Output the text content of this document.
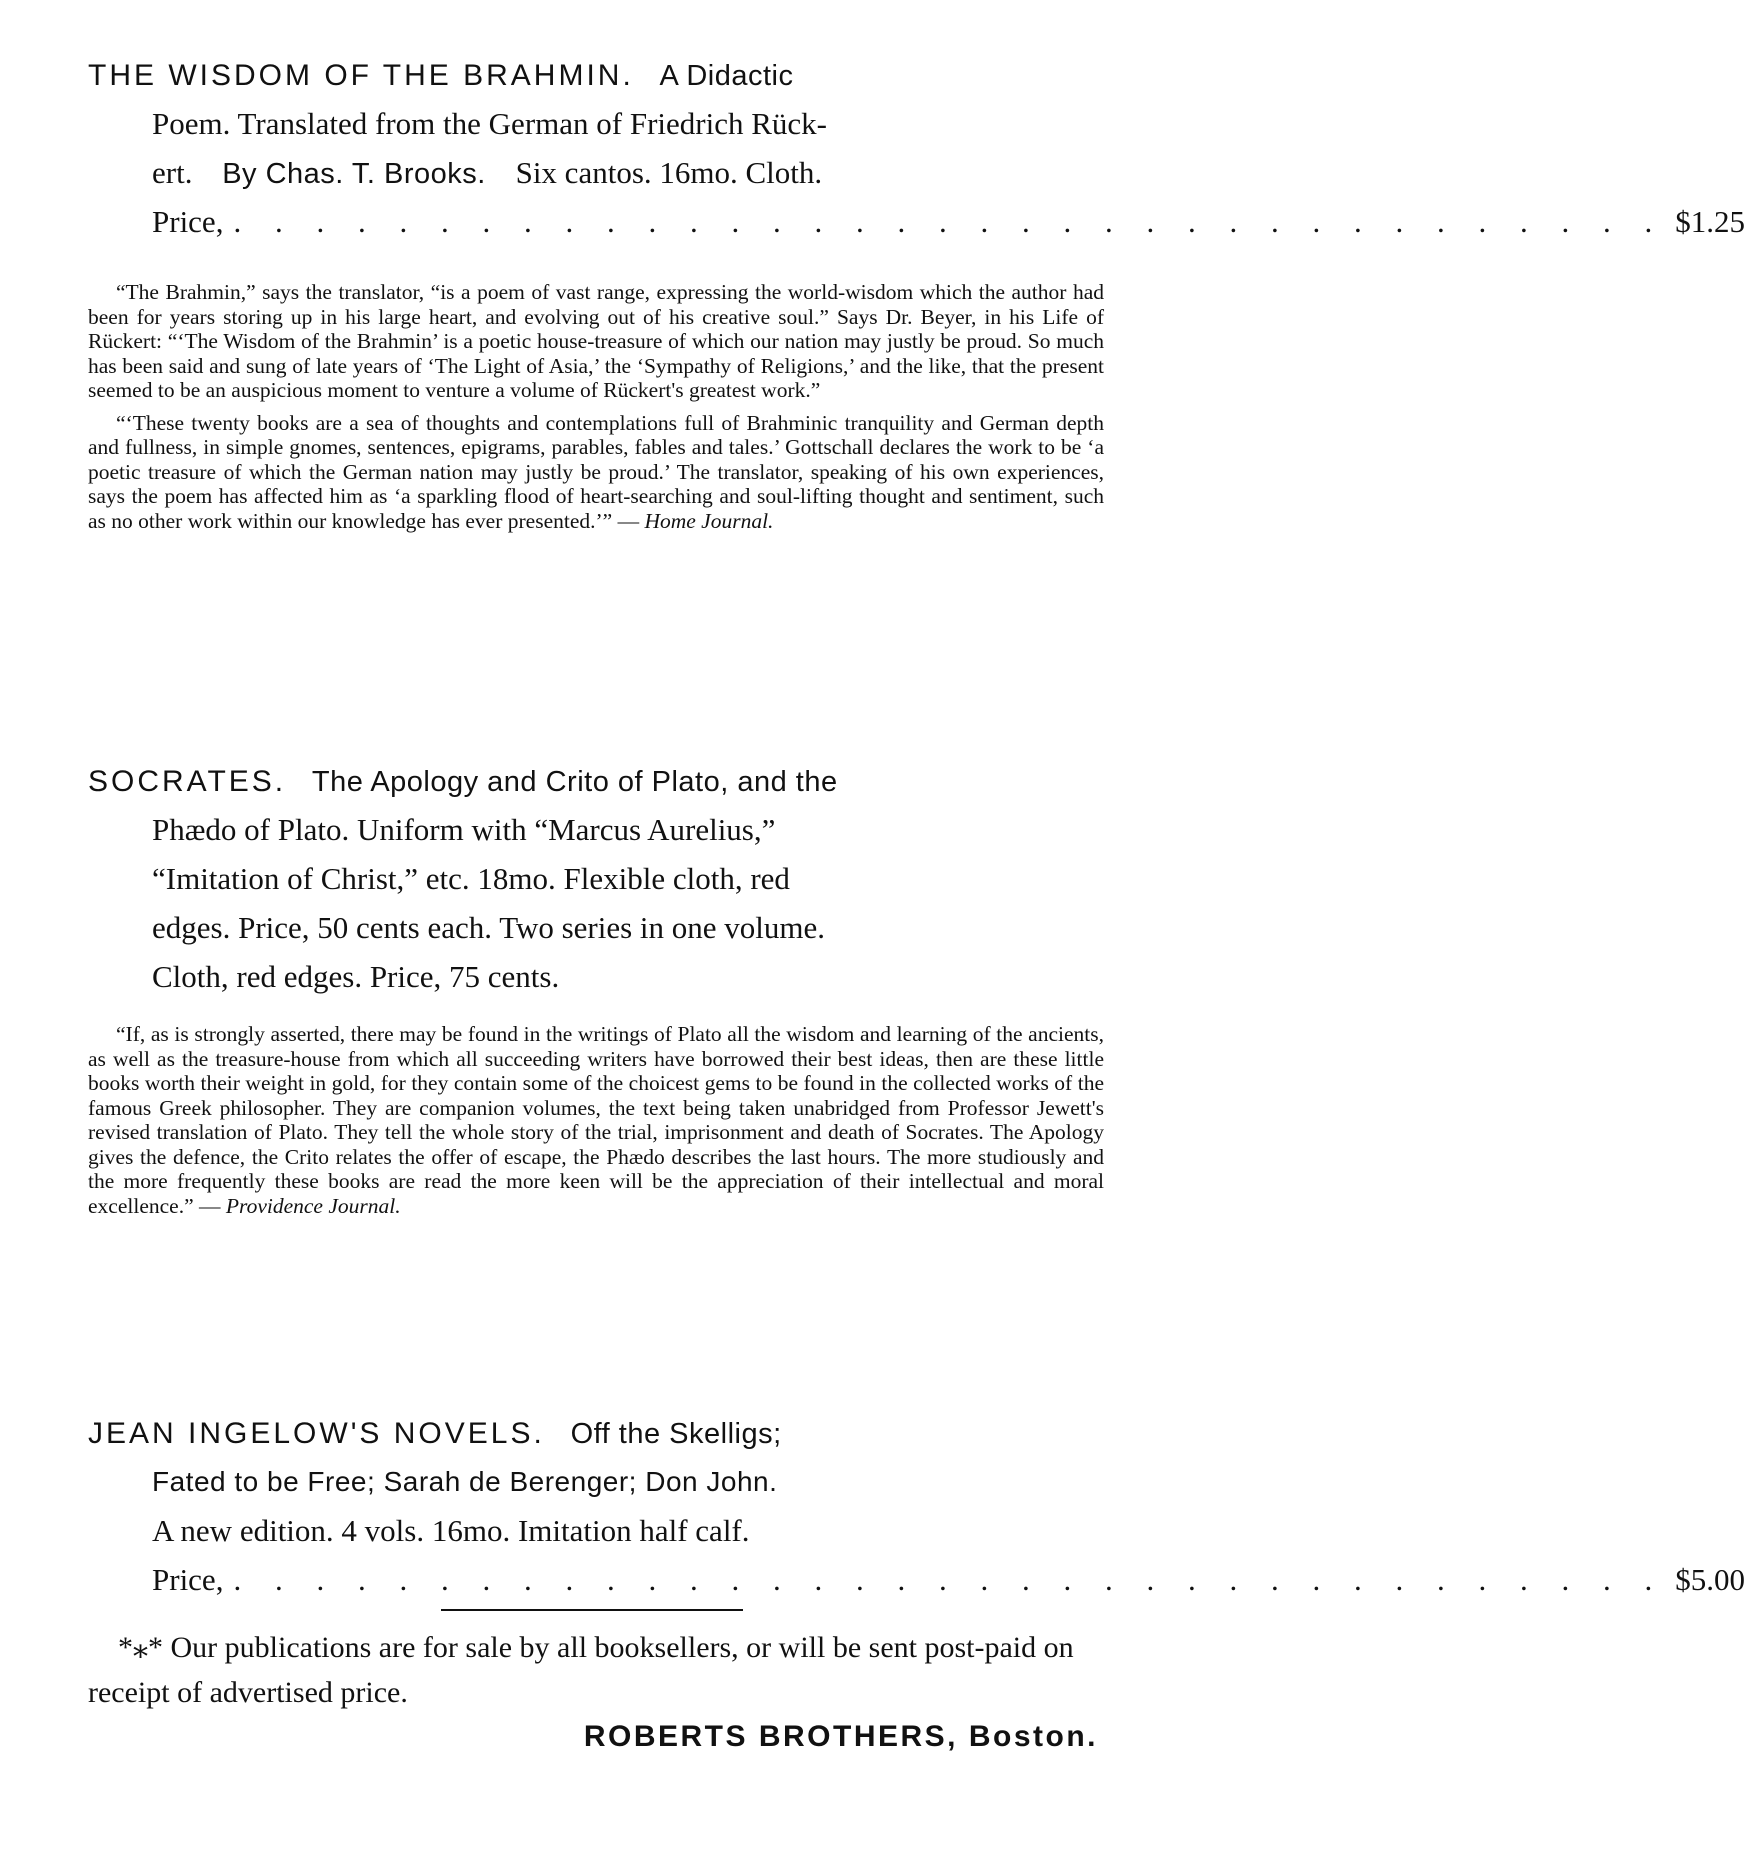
THE WISDOM OF THE BRAHMIN. A Didactic
Poem. Translated from the German of Friedrich Rück-
ert. By Chas. T. Brooks. Six cantos. 16mo. Cloth.
Price, . . . . . . . . . . . . . . . . . . . . . . . . . . . . . . . . . . . $1.25

“The Brahmin,” says the translator, “is a poem of vast range, expressing the world-wisdom which the author had been for years storing up in his large heart, and evolving out of his creative soul.” Says Dr. Beyer, in his Life of Rückert: “‘The Wisdom of the Brahmin’ is a poetic house-treasure of which our nation may justly be proud. So much has been said and sung of late years of ‘The Light of Asia,’ the ‘Sympathy of Religions,’ and the like, that the present seemed to be an auspicious moment to venture a volume of Rückert's greatest work.”

“‘These twenty books are a sea of thoughts and contemplations full of Brahminic tranquility and German depth and fullness, in simple gnomes, sentences, epigrams, parables, fables and tales.’ Gottschall declares the work to be ‘a poetic treasure of which the German nation may justly be proud.’ The translator, speaking of his own experiences, says the poem has affected him as ‘a sparkling flood of heart-searching and soul-lifting thought and sentiment, such as no other work within our knowledge has ever presented.’” — Home Journal.

SOCRATES. The Apology and Crito of Plato, and the
Phædo of Plato. Uniform with “Marcus Aurelius,”
“Imitation of Christ,” etc. 18mo. Flexible cloth, red
edges. Price, 50 cents each. Two series in one volume.
Cloth, red edges. Price, 75 cents.

“If, as is strongly asserted, there may be found in the writings of Plato all the wisdom and learning of the ancients, as well as the treasure-house from which all succeeding writers have borrowed their best ideas, then are these little books worth their weight in gold, for they contain some of the choicest gems to be found in the collected works of the famous Greek philosopher. They are companion volumes, the text being taken unabridged from Professor Jewett's revised translation of Plato. They tell the whole story of the trial, imprisonment and death of Socrates. The Apology gives the defence, the Crito relates the offer of escape, the Phædo describes the last hours. The more studiously and the more frequently these books are read the more keen will be the appreciation of their intellectual and moral excellence.” — Providence Journal.

JEAN INGELOW'S NOVELS. Off the Skelligs;
Fated to be Free; Sarah de Berenger; Don John.
A new edition. 4 vols. 16mo. Imitation half calf.
Price, . . . . . . . . . . . . . . . . . . . . . . . . . . . . . . . . . . . $5.00
*⁎* Our publications are for sale by all booksellers, or will be sent post-paid on receipt of advertised price.
ROBERTS BROTHERS, Boston.
